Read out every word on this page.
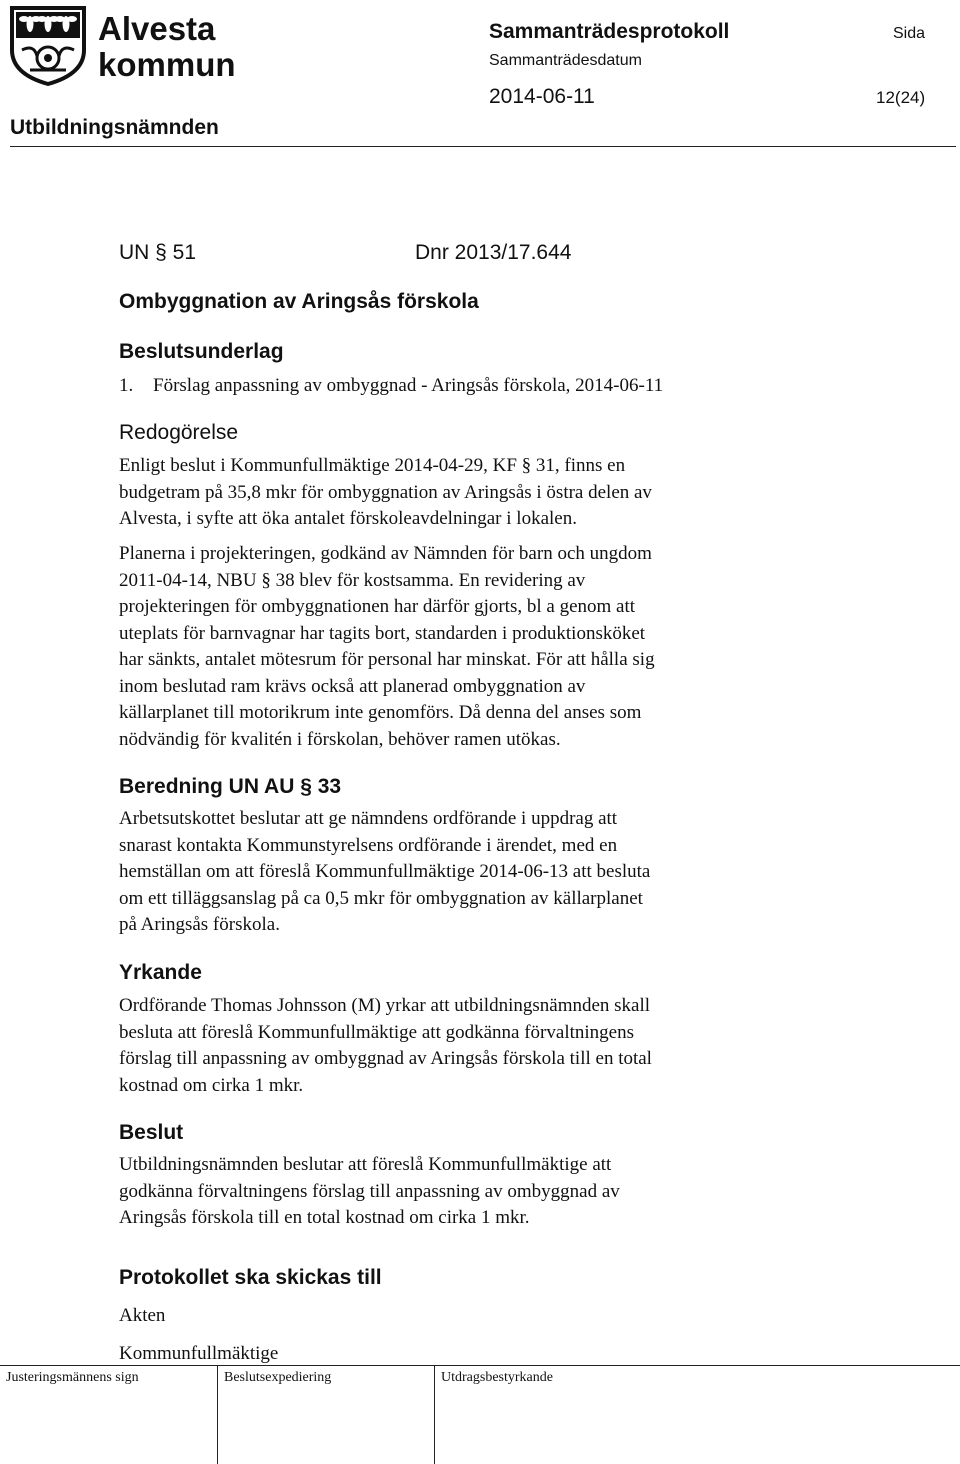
Alvesta
kommun
Utbildningsnämnden
Sammanträdesprotokoll	Sida
Sammanträdesdatum
2014-06-11	12(24)
UN § 51	Dnr 2013/17.644
Ombyggnation av Aringsås förskola
Beslutsunderlag
1. Förslag anpassning av ombyggnad - Aringsås förskola, 2014-06-11
Redogörelse
Enligt beslut i Kommunfullmäktige 2014-04-29, KF § 31, finns en
budgetram på 35,8 mkr för ombyggnation av Aringsås i östra delen av
Alvesta, i syfte att öka antalet förskoleavdelningar i lokalen.
Planerna i projekteringen, godkänd av Nämnden för barn och ungdom
2011-04-14, NBU § 38 blev för kostsamma. En revidering av
projekteringen för ombyggnationen har därför gjorts, bl a genom att
uteplats för barnvagnar har tagits bort, standarden i produktionsköket
har sänkts, antalet mötesrum för personal har minskat. För att hålla sig
inom beslutad ram krävs också att planerad ombyggnation av
källarplanet till motorikrum inte genomförs. Då denna del anses som
nödvändig för kvalitén i förskolan, behöver ramen utökas.
Beredning UN AU § 33
Arbetsutskottet beslutar att ge nämndens ordförande i uppdrag att
snarast kontakta Kommunstyrelsens ordförande i ärendet, med en
hemställan om att föreslå Kommunfullmäktige 2014-06-13 att besluta
om ett tilläggsanslag på ca 0,5 mkr för ombyggnation av källarplanet
på Aringsås förskola.
Yrkande
Ordförande Thomas Johnsson (M) yrkar att utbildningsnämnden skall
besluta att föreslå Kommunfullmäktige att godkänna förvaltningens
förslag till anpassning av ombyggnad av Aringsås förskola till en total
kostnad om cirka 1 mkr.
Beslut
Utbildningsnämnden beslutar att föreslå Kommunfullmäktige att
godkänna förvaltningens förslag till anpassning av ombyggnad av
Aringsås förskola till en total kostnad om cirka 1 mkr.
Protokollet ska skickas till
Akten
Kommunfullmäktige
Justeringsmännens sign	Beslutsexpediering	Utdragsbestyrkande
